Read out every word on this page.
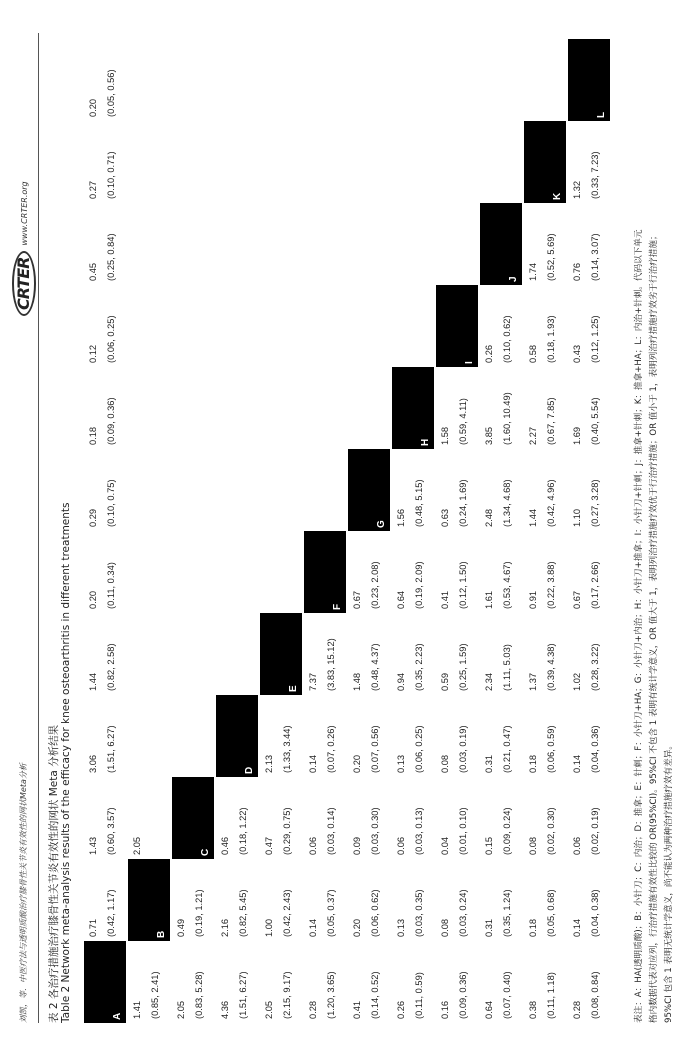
刘凯，等．中医疗法与透明质酸治疗膝骨性关节炎有效性的网状Meta分析
CRTER
www.CRTER.org
表 2 各治疗措施治疗膝骨性关节炎有效性的网状 Meta 分析结果 Table 2 Network meta-analysis results of the efficacy for knee osteoarthritis in different treatments	A
B
C
D
E
F
G
H
I
J
K
L
1.41 (0.85, 2.41) 2.05 (0.83, 5.28)
0.49 (0.19, 1.21)
4.36 (1.51, 6.27)
2.16 (0.82, 5.45)
0.46 (0.18, 1.22)
2.05 (2.15, 9.17)
1.00 (0.42, 2.43)
0.47 (0.29, 0.75)
2.13 (1.33, 3.44)
0.28 (1.20, 3.65)
0.14 (0.05, 0.37)
0.06 (0.03, 0.14)
0.14 (0.07, 0.26)
7.37 (3.83, 15.12)
0.41 (0.14, 0.52)
0.20 (0.06, 0.62)
0.09 (0.03, 0.30)
0.20 (0.07, 0.56)
1.48 (0.48, 4.37)
0.67 (0.23, 2.08)
0.26 (0.11, 0.59)
0.13 (0.03, 0.35)
0.06 (0.03, 0.13)
0.13 (0.06, 0.25)
0.94 (0.35, 2.23)
0.64 (0.19, 2.09)
1.56 (0.48, 5.15)
0.16 (0.09, 0.36)
0.08 (0.03, 0.24)
0.04 (0.01, 0.10)
0.08 (0.03, 0.19)
0.59 (0.25, 1.59)
0.41 (0.12, 1.50)
0.63 (0.24, 1.69)
1.58 (0.59, 4.11)
0.64 (0.07, 0.40)
0.31 (0.35, 1.24)
0.15 (0.09, 0.24)
0.31 (0.21, 0.47)
2.34 (1.11, 5.03)
1.61 (0.53, 4.67)
2.48 (1.34, 4.68)
3.85 (1.60, 10.49)
0.26 (0.10, 0.62)
0.38 (0.11, 1.18)
0.18 (0.05, 0.68)
0.08 (0.02, 0.30)
0.18 (0.06, 0.59)
1.37 (0.39, 4.38)
0.91 (0.22, 3.88)
1.44 (0.42, 4.96)
2.27 (0.67, 7.85)
0.58 (0.18, 1.93)
1.74 (0.52, 5.69)
0.28 (0.08, 0.84)
0.14 (0.04, 0.38)
0.06 (0.02, 0.19)
0.14 (0.04, 0.36)
1.02 (0.28, 3.22)
0.67 (0.17, 2.66)
1.10 (0.27, 3.28)
1.69 (0.40, 5.54)
0.43 (0.12, 1.25)
0.76 (0.14, 3.07)
1.32 (0.33, 7.23)
0.71 (0.42, 1.17)
1.43 (0.60, 3.57) 2.05
3.06 (1.51, 6.27)
1.44 (0.82, 2.58)
0.20 (0.11, 0.34)
0.29 (0.10, 0.75)
0.18 (0.09, 0.36)
0.12 (0.06, 0.25)
0.45 (0.25, 0.84)
0.27 (0.10, 0.71)
0.20 (0.05, 0.56)

表注：A：HA(透明质酸)；B：小针刀；C：内治；D：推拿；E：针刺；F：小针刀+HA；G：小针刀+内治；H：小针刀+推拿；I：小针刀+针刺；J：推拿+针刺；K：推拿+HA；L：内治+针刺。代码以下单元 格内数据代表对应列，行治疗措施有效性比较的 OR(95%CI)。95%CI 不包含 1 表明有统计学意义，OR 值大于 1，表明列治疗措施疗效优于行治疗措施；OR 值小于 1，表明列治疗措施疗效劣于行治疗措施； 95%CI 包含 1 表明无统计学意义，尚不能认为两种治疗措施疗效有差异。
